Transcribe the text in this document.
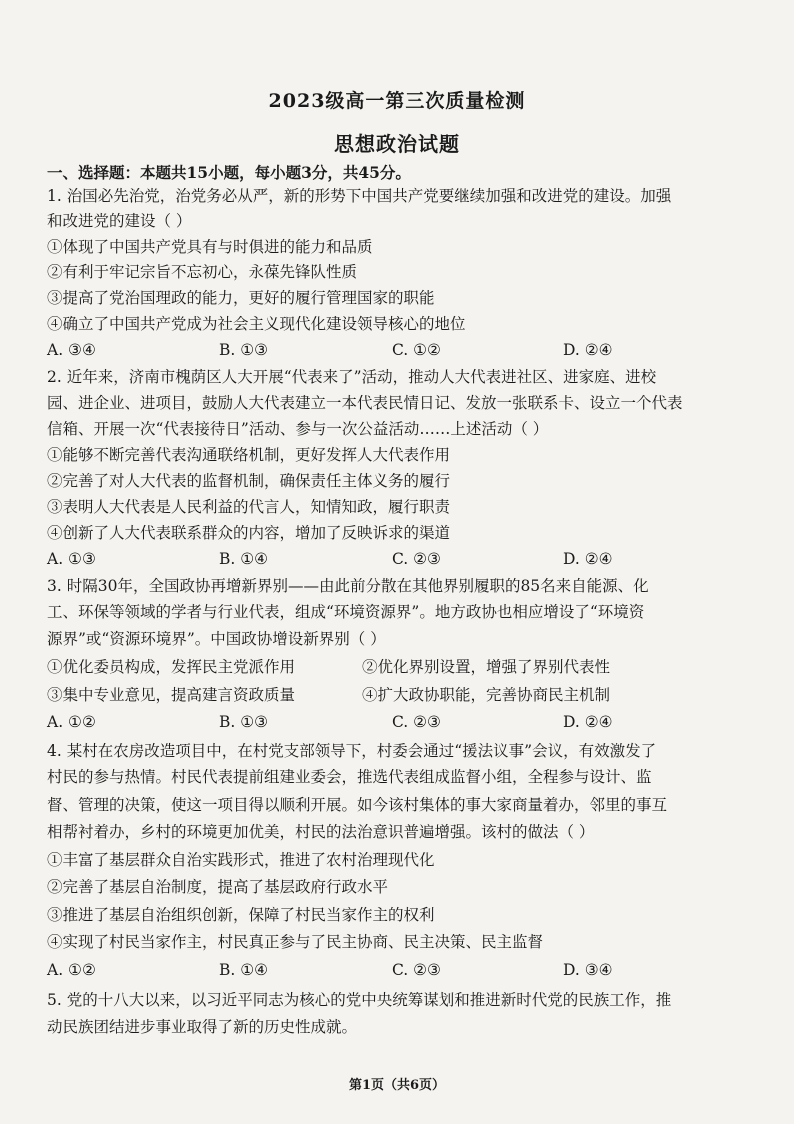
2023级高一第三次质量检测
思想政治试题
一、选择题：本题共15小题，每小题3分，共45分。
1. 治国必先治党，治党务必从严，新的形势下中国共产党要继续加强和改进党的建设。加强
和改进党的建设（ ）
①体现了中国共产党具有与时俱进的能力和品质
②有利于牢记宗旨不忘初心，永葆先锋队性质
③提高了党治国理政的能力，更好的履行管理国家的职能
④确立了中国共产党成为社会主义现代化建设领导核心的地位
A. ③④	B. ①③	C. ①②	D. ②④
2. 近年来，济南市槐荫区人大开展“代表来了”活动，推动人大代表进社区、进家庭、进校
园、进企业、进项目，鼓励人大代表建立一本代表民情日记、发放一张联系卡、设立一个代表
信箱、开展一次“代表接待日”活动、参与一次公益活动……上述活动（ ）
①能够不断完善代表沟通联络机制，更好发挥人大代表作用
②完善了对人大代表的监督机制，确保责任主体义务的履行
③表明人大代表是人民利益的代言人，知情知政，履行职责
④创新了人大代表联系群众的内容，增加了反映诉求的渠道
A. ①③	B. ①④	C. ②③	D. ②④
3. 时隔30年，全国政协再增新界别——由此前分散在其他界别履职的85名来自能源、化
工、环保等领域的学者与行业代表，组成“环境资源界”。地方政协也相应增设了“环境资
源界”或“资源环境界”。中国政协增设新界别（ ）
①优化委员构成，发挥民主党派作用	②优化界别设置，增强了界别代表性
③集中专业意见，提高建言资政质量	④扩大政协职能，完善协商民主机制
A. ①②	B. ①③	C. ②③	D. ②④
4. 某村在农房改造项目中，在村党支部领导下，村委会通过“援法议事”会议，有效激发了
村民的参与热情。村民代表提前组建业委会，推选代表组成监督小组，全程参与设计、监
督、管理的决策，使这一项目得以顺利开展。如今该村集体的事大家商量着办，邻里的事互
相帮衬着办，乡村的环境更加优美，村民的法治意识普遍增强。该村的做法（ ）
①丰富了基层群众自治实践形式，推进了农村治理现代化
②完善了基层自治制度，提高了基层政府行政水平
③推进了基层自治组织创新，保障了村民当家作主的权利
④实现了村民当家作主，村民真正参与了民主协商、民主决策、民主监督
A. ①②	B. ①④	C. ②③	D. ③④
5. 党的十八大以来，以习近平同志为核心的党中央统筹谋划和推进新时代党的民族工作，推
动民族团结进步事业取得了新的历史性成就。
第1页（共6页）
